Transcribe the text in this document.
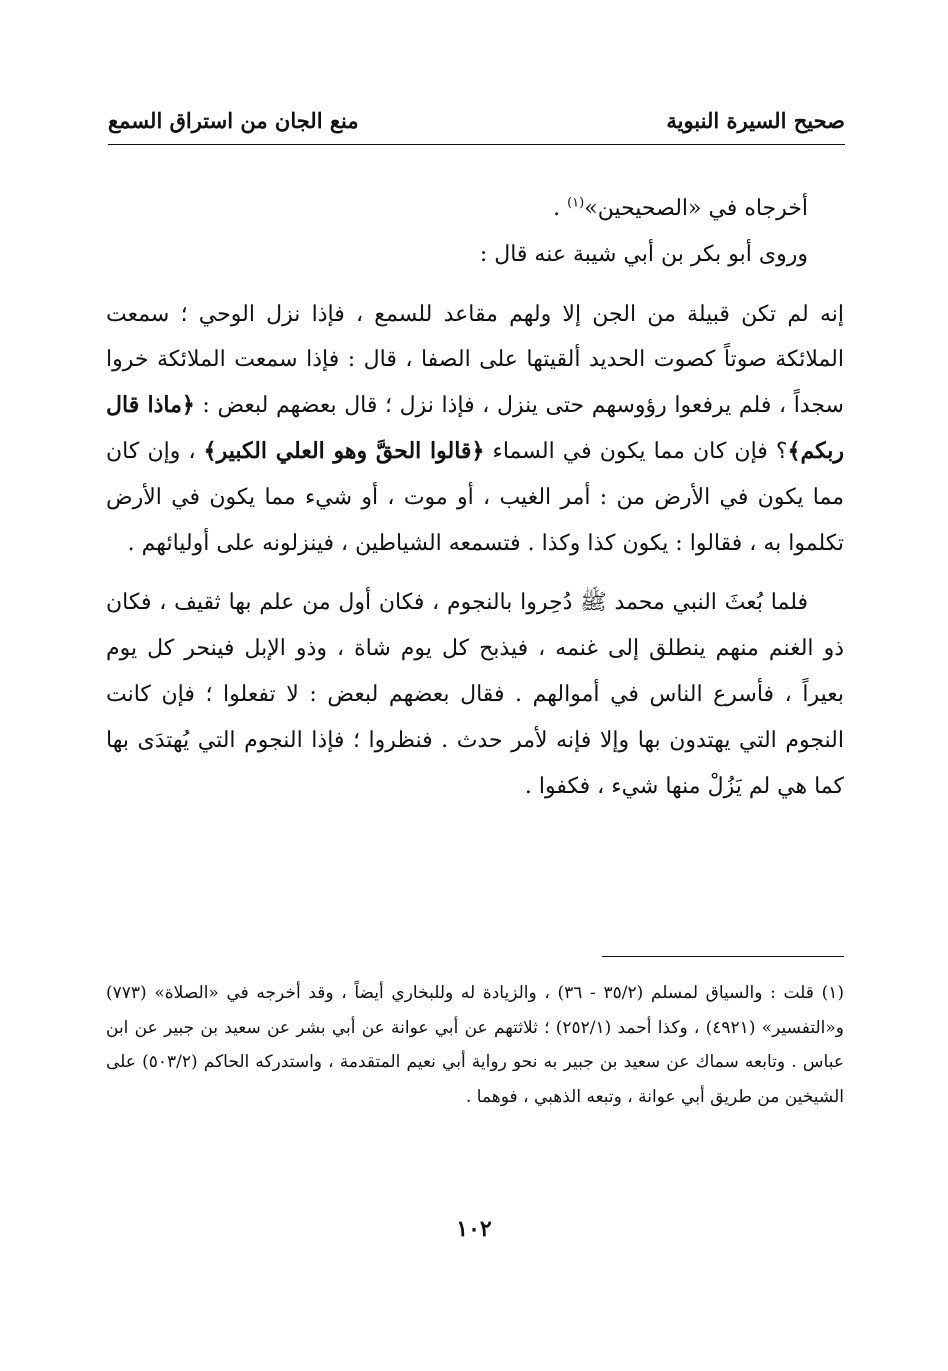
صحيح السيرة النبوية
منع الجان من استراق السمع

أخرجاه في «الصحيحين»$^{(١)}$ .

وروى أبو بكر بن أبي شيبة عنه قال :

إنه لم تكن قبيلة من الجن إلا ولهم مقاعد للسمع ، فإذا نزل الوحي ؛ سمعت الملائكة صوتاً كصوت الحديد ألقيتها على الصفا ، قال : فإذا سمعت الملائكة خروا سجداً ، فلم يرفعوا رؤوسهم حتى ينزل ، فإذا نزل ؛ قال بعضهم لبعض : ﴿ماذا قال ربكم﴾؟ فإن كان مما يكون في السماء ﴿قالوا الحقَّ وهو العلي الكبير﴾ ، وإن كان مما يكون في الأرض من : أمر الغيب ، أو موت ، أو شيء مما يكون في الأرض تكلموا به ، فقالوا : يكون كذا وكذا . فتسمعه الشياطين ، فينزلونه على أوليائهم .

فلما بُعثَ النبي محمد ﷺ دُحِروا بالنجوم ، فكان أول من علم بها ثقيف ، فكان ذو الغنم منهم ينطلق إلى غنمه ، فيذبح كل يوم شاة ، وذو الإبل فينحر كل يوم بعيراً ، فأسرع الناس في أموالهم . فقال بعضهم لبعض : لا تفعلوا ؛ فإن كانت النجوم التي يهتدون بها وإلا فإنه لأمر حدث . فنظروا ؛ فإذا النجوم التي يُهتدَى بها كما هي لم يَزُلْ منها شيء ، فكفوا .

(١) قلت : والسياق لمسلم (٣٥/٢ - ٣٦) ، والزيادة له وللبخاري أيضاً ، وقد أخرجه في «الصلاة» (٧٧٣) و«التفسير» (٤٩٢١) ، وكذا أحمد (٢٥٢/١) ؛ ثلاثتهم عن أبي عوانة عن أبي بشر عن سعيد بن جبير عن ابن عباس . وتابعه سماك عن سعيد بن جبير به نحو رواية أبي نعيم المتقدمة ، واستدركه الحاكم (٥٠٣/٢) على الشيخين من طريق أبي عوانة ، وتبعه الذهبي ، فوهما .

١٠٢
